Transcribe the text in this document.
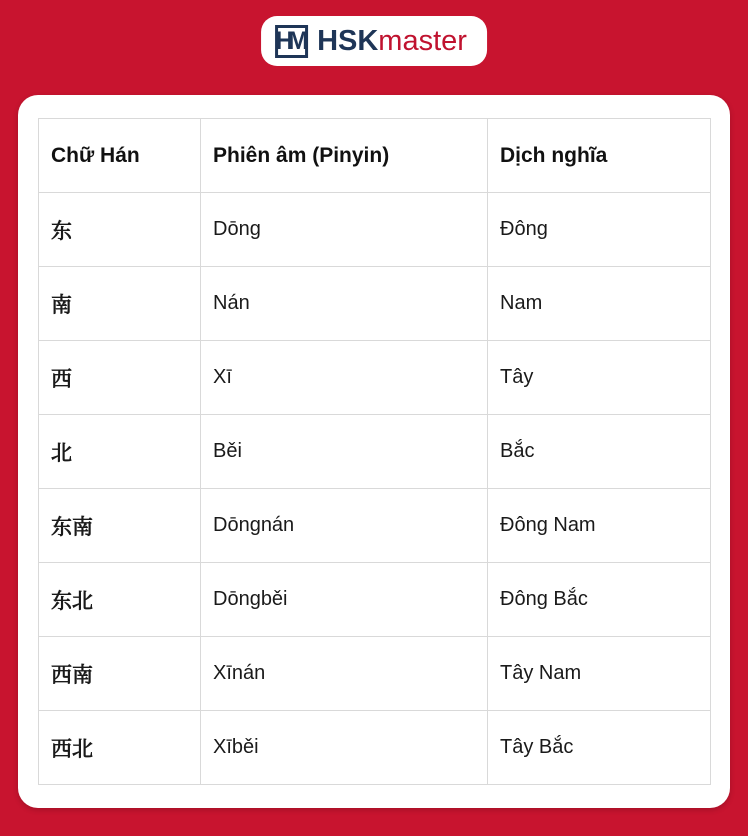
HM HSKmaster
Chữ Hán	Phiên âm (Pinyin)	Dịch nghĩa
东	Dōng	Đông
南	Nán	Nam
西	Xī	Tây
北	Běi	Bắc
东南	Dōngnán	Đông Nam
东北	Dōngběi	Đông Bắc
西南	Xīnán	Tây Nam
西北	Xīběi	Tây Bắc
